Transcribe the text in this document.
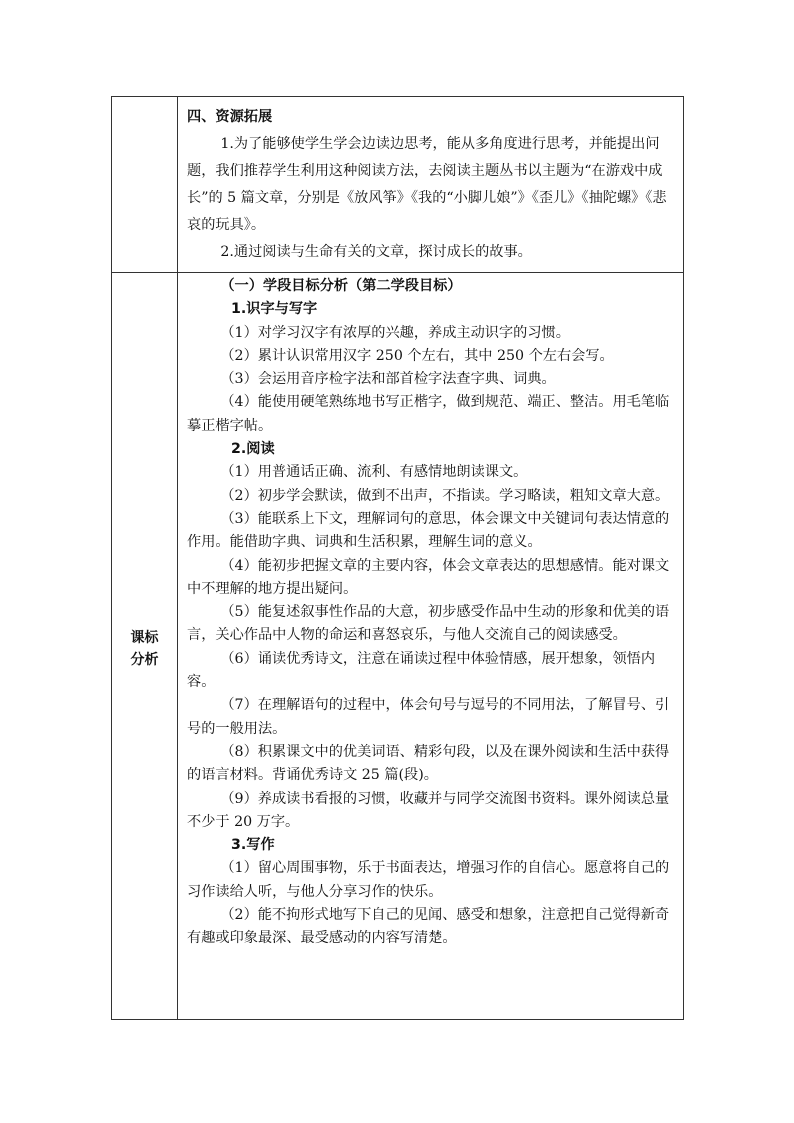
课标
分析

四、资源拓展

1.为了能够使学生学会边读边思考，能从多角度进行思考，并能提出问题，我们推荐学生利用这种阅读方法，去阅读主题丛书以主题为“在游戏中成长”的 5 篇文章，分别是《放风筝》《我的“小脚儿娘”》《歪儿》《抽陀螺》《悲哀的玩具》。

2.通过阅读与生命有关的文章，探讨成长的故事。

（一）学段目标分析（第二学段目标）

1.识字与写字

（1）对学习汉字有浓厚的兴趣，养成主动识字的习惯。

（2）累计认识常用汉字 250 个左右，其中 250 个左右会写。

（3）会运用音序检字法和部首检字法查字典、词典。

（4）能使用硬笔熟练地书写正楷字，做到规范、端正、整洁。用毛笔临摹正楷字帖。

2.阅读

（1）用普通话正确、流利、有感情地朗读课文。

（2）初步学会默读，做到不出声，不指读。学习略读，粗知文章大意。

（3）能联系上下文，理解词句的意思，体会课文中关键词句表达情意的作用。能借助字典、词典和生活积累，理解生词的意义。

（4）能初步把握文章的主要内容，体会文章表达的思想感情。能对课文中不理解的地方提出疑问。

（5）能复述叙事性作品的大意，初步感受作品中生动的形象和优美的语言，关心作品中人物的命运和喜怒哀乐，与他人交流自己的阅读感受。

（6）诵读优秀诗文，注意在诵读过程中体验情感，展开想象，领悟内容。

（7）在理解语句的过程中，体会句号与逗号的不同用法，了解冒号、引号的一般用法。

（8）积累课文中的优美词语、精彩句段，以及在课外阅读和生活中获得的语言材料。背诵优秀诗文 25 篇(段)。

（9）养成读书看报的习惯，收藏并与同学交流图书资料。课外阅读总量不少于 20 万字。

3.写作

（1）留心周围事物，乐于书面表达，增强习作的自信心。愿意将自己的习作读给人听，与他人分享习作的快乐。

（2）能不拘形式地写下自己的见闻、感受和想象，注意把自己觉得新奇有趣或印象最深、最受感动的内容写清楚。
